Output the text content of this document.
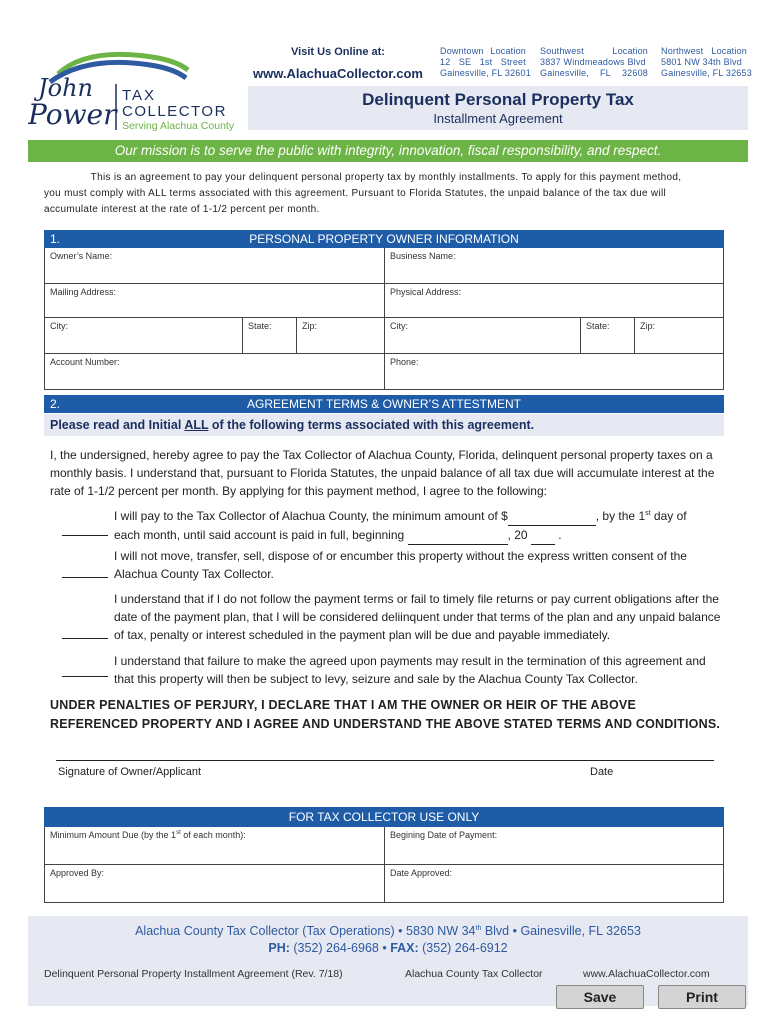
John
Power
TAX
COLLECTOR
Serving Alachua County
Visit Us Online at:
www.AlachuaCollector.com
Downtown Location
12 SE 1st Street
Gainesville, FL 32601
Southwest	Location
3837 Windmeadows Blvd
Gainesville, FL 32608
Northwest Location
5801 NW 34th Blvd
Gainesville, FL 32653
Delinquent Personal Property Tax
Installment Agreement
Our mission is to serve the public with integrity, innovation, fiscal responsibility, and respect.
This is an agreement to pay your delinquent personal property tax by monthly installments. To apply for this payment method,
you must comply with ALL terms associated with this agreement. Pursuant to Florida Statutes, the unpaid balance of the tax due will
accumulate interest at the rate of 1-1/2 percent per month.
1.	PERSONAL PROPERTY OWNER INFORMATION
Owner’s Name:	Business Name:
Mailing Address:	Physical Address:
City:	State:	Zip:	City:	State:	Zip:
Account Number:	Phone:
2.	AGREEMENT TERMS & OWNER’S ATTESTMENT
Please read and Initial ALL of the following terms associated with this agreement.
I, the undersigned, hereby agree to pay the Tax Collector of Alachua County, Florida, delinquent personal property taxes on a monthly basis. I understand that, pursuant to Florida Statutes, the unpaid balance of all tax due will accumulate interest at the rate of 1-1/2 percent per month. By applying for this payment method, I agree to the following:
I will pay to the Tax Collector of Alachua County, the minimum amount of $	, by the 1st day of
each month, until said account is paid in full, beginning	, 20	.
I will not move, transfer, sell, dispose of or encumber this property without the express written consent of the Alachua County Tax Collector.
I understand that if I do not follow the payment terms or fail to timely file returns or pay current obligations after the date of the payment plan, that I will be considered deliinquent under that terms of the plan and any unpaid balance of tax, penalty or interest scheduled in the payment plan will be due and payable immediately.
I understand that failure to make the agreed upon payments may result in the termination of this agreement and that this property will then be subject to levy, seizure and sale by the Alachua County Tax Collector.
UNDER PENALTIES OF PERJURY, I DECLARE THAT I AM THE OWNER OR HEIR OF THE ABOVE REFERENCED PROPERTY AND I AGREE AND UNDERSTAND THE ABOVE STATED TERMS AND CONDITIONS.
Signature of Owner/Applicant	Date
FOR TAX COLLECTOR USE ONLY
Minimum Amount Due (by the 1st of each month):	Begining Date of Payment:
Approved By:	Date Approved:
Alachua County Tax Collector (Tax Operations) • 5830 NW 34th Blvd • Gainesville, FL 32653
PH: (352) 264-6968 • FAX: (352) 264-6912
Delinquent Personal Property Installment Agreement (Rev. 7/18)	Alachua County Tax Collector	www.AlachuaCollector.com
Save	Print
